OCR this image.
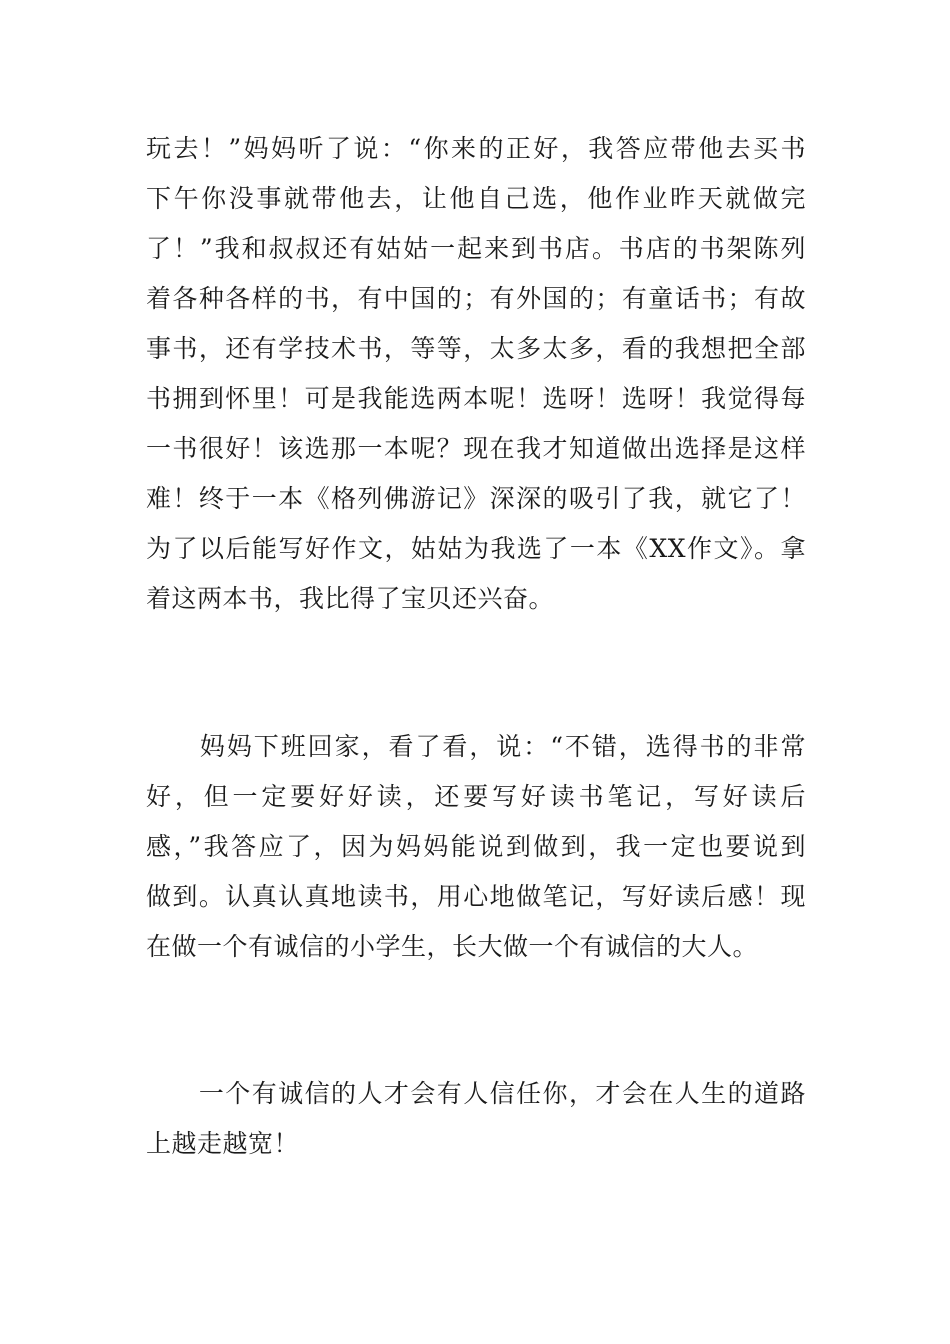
玩去！”妈妈听了说：“你来的正好，我答应带他去买书
下午你没事就带他去，让他自己选，他作业昨天就做完
了！”我和叔叔还有姑姑一起来到书店。书店的书架陈列
着各种各样的书，有中国的；有外国的；有童话书；有故
事书，还有学技术书，等等，太多太多，看的我想把全部
书拥到怀里！可是我能选两本呢！选呀！选呀！我觉得每
一书很好！该选那一本呢？现在我才知道做出选择是这样
难！终于一本《格列佛游记》深深的吸引了我，就它了！
为了以后能写好作文，姑姑为我选了一本《XX作文》。拿
着这两本书，我比得了宝贝还兴奋。

　　妈妈下班回家，看了看，说：“不错，选得书的非常
好，但一定要好好读，还要写好读书笔记，写好读后
感，”我答应了，因为妈妈能说到做到，我一定也要说到
做到。认真认真地读书，用心地做笔记，写好读后感！现
在做一个有诚信的小学生，长大做一个有诚信的大人。

　　一个有诚信的人才会有人信任你，才会在人生的道路
上越走越宽！
